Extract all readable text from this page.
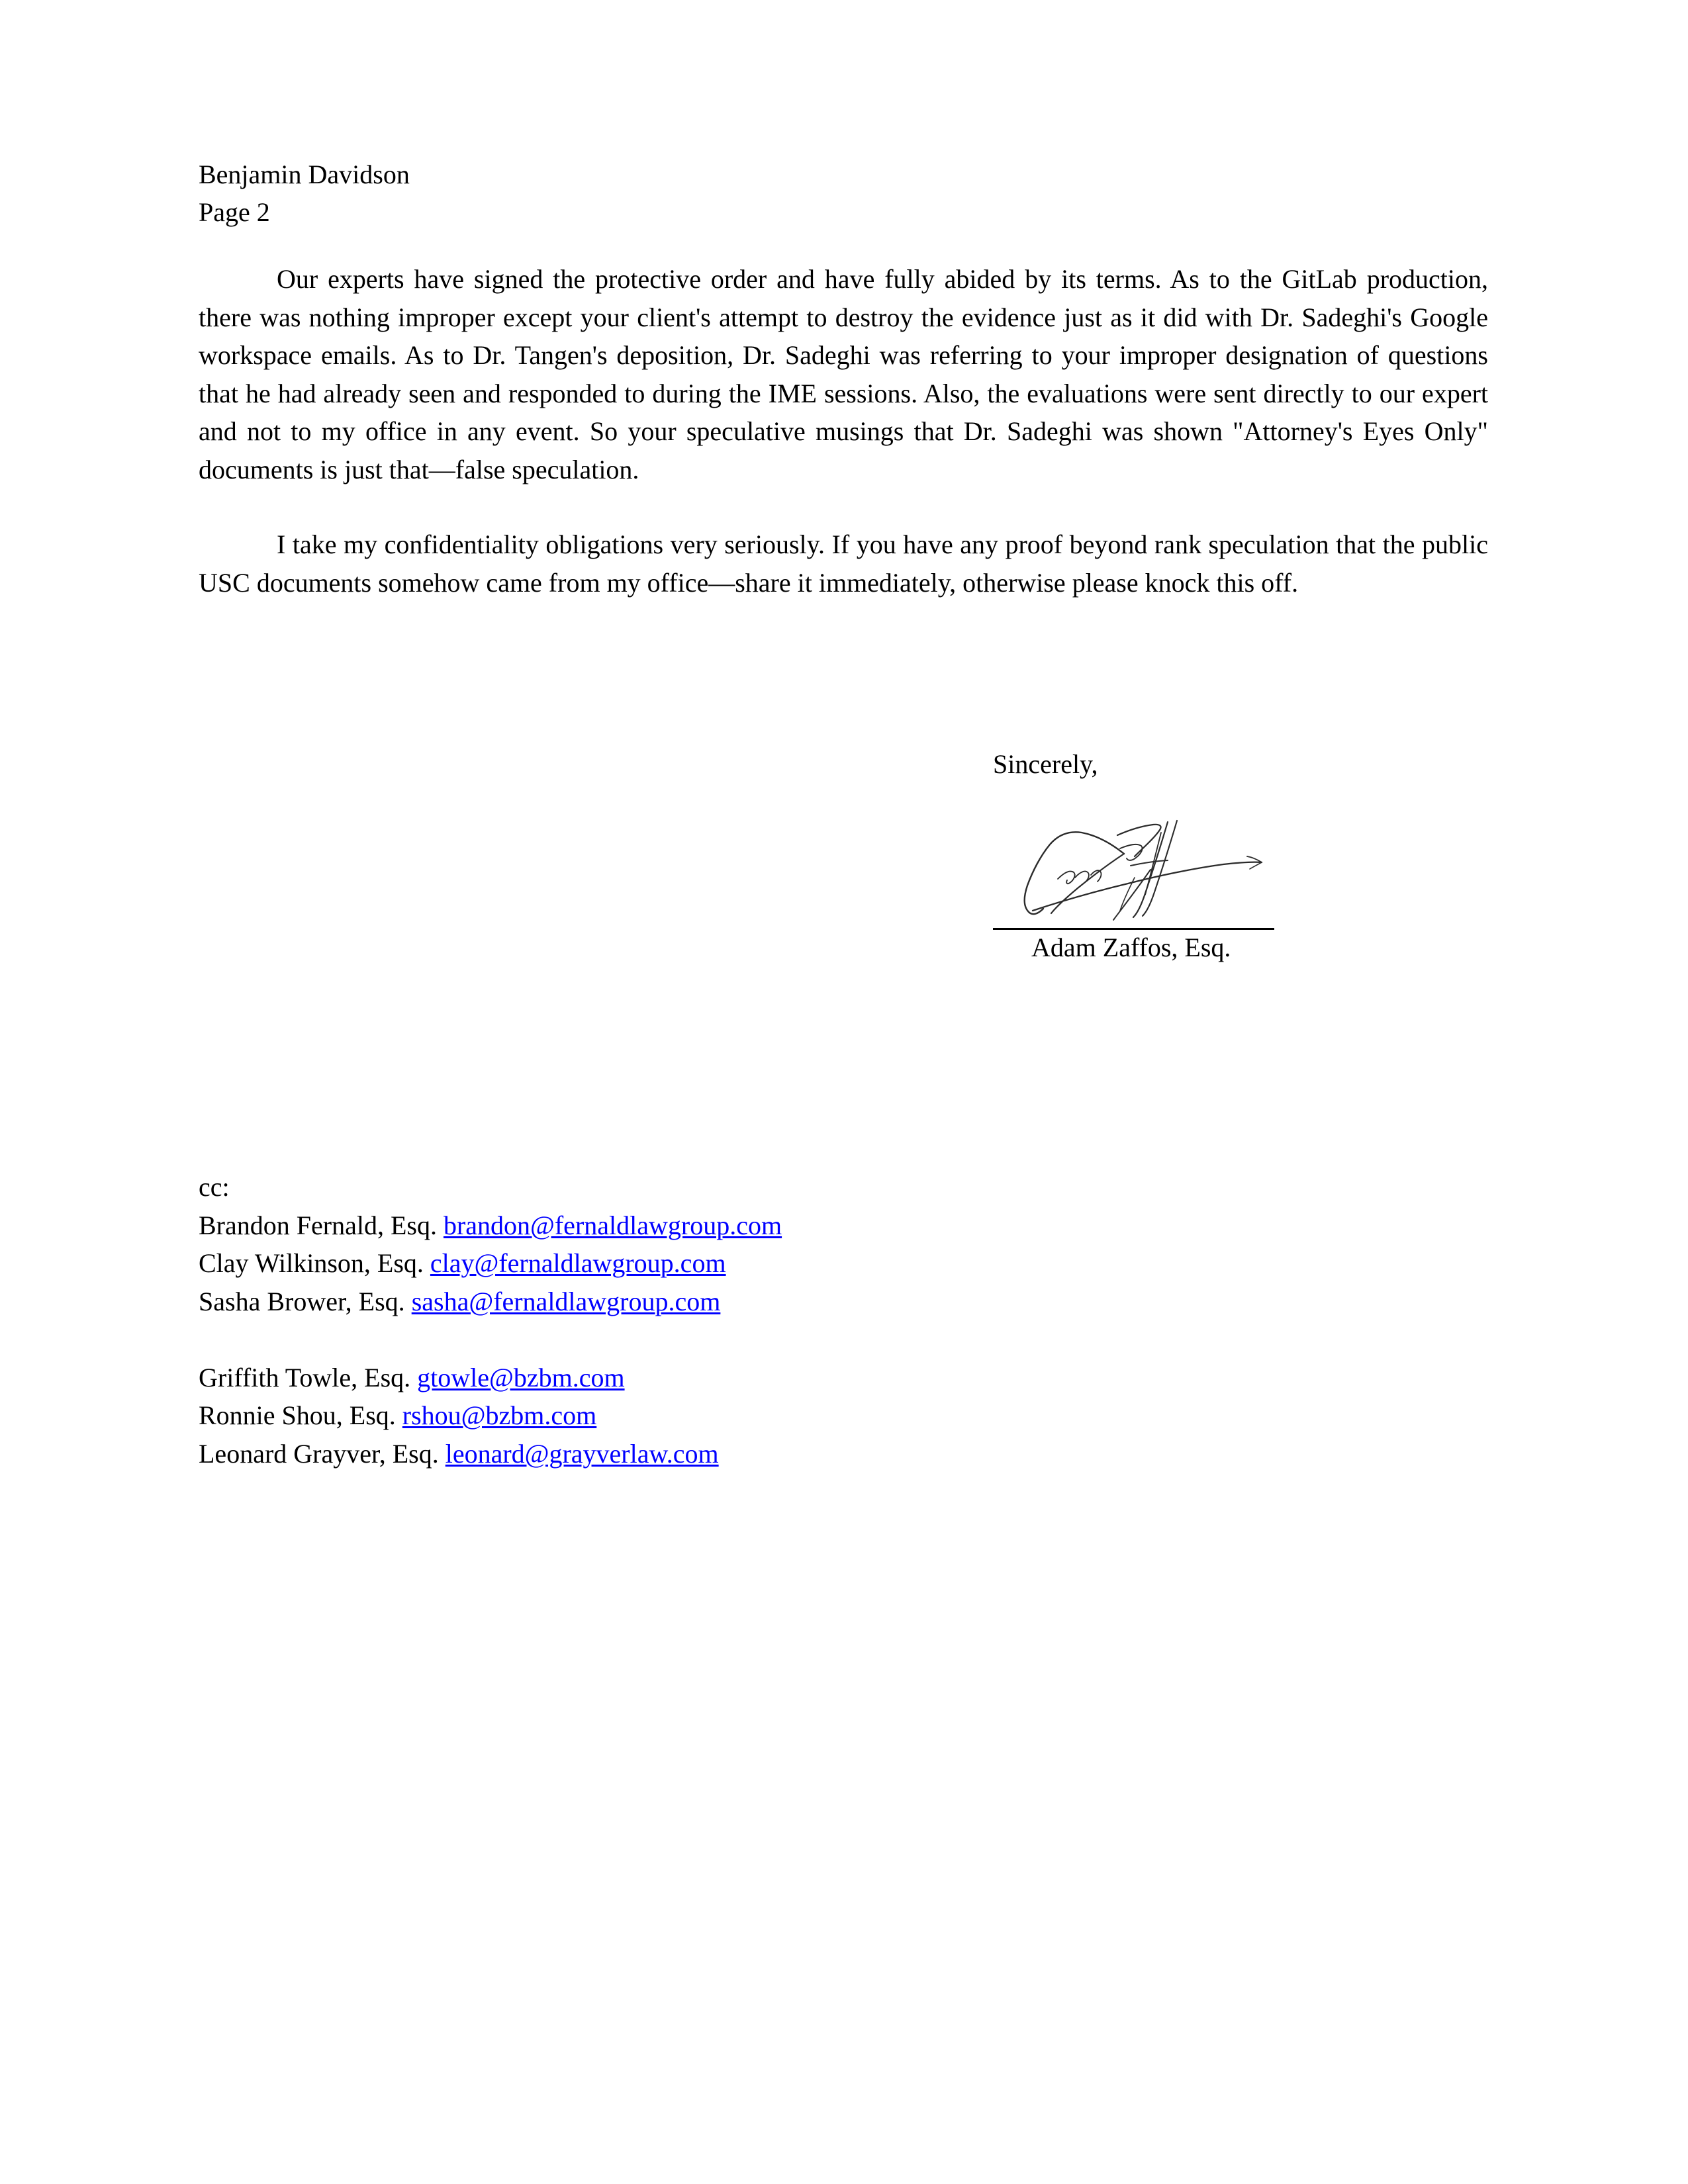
Benjamin Davidson
Page 2

Our experts have signed the protective order and have fully abided by its terms. As to the GitLab production, there was nothing improper except your client's attempt to destroy the evidence just as it did with Dr. Sadeghi's Google workspace emails. As to Dr. Tangen's deposition, Dr. Sadeghi was referring to your improper designation of questions that he had already seen and responded to during the IME sessions. Also, the evaluations were sent directly to our expert and not to my office in any event. So your speculative musings that Dr. Sadeghi was shown "Attorney's Eyes Only" documents is just that—false speculation.

I take my confidentiality obligations very seriously. If you have any proof beyond rank speculation that the public USC documents somehow came from my office—share it immediately, otherwise please knock this off.

Sincerely,

Adam Zaffos, Esq.

cc:
Brandon Fernald, Esq. brandon@fernaldlawgroup.com
Clay Wilkinson, Esq. clay@fernaldlawgroup.com
Sasha Brower, Esq. sasha@fernaldlawgroup.com
Griffith Towle, Esq. gtowle@bzbm.com
Ronnie Shou, Esq. rshou@bzbm.com
Leonard Grayver, Esq. leonard@grayverlaw.com
